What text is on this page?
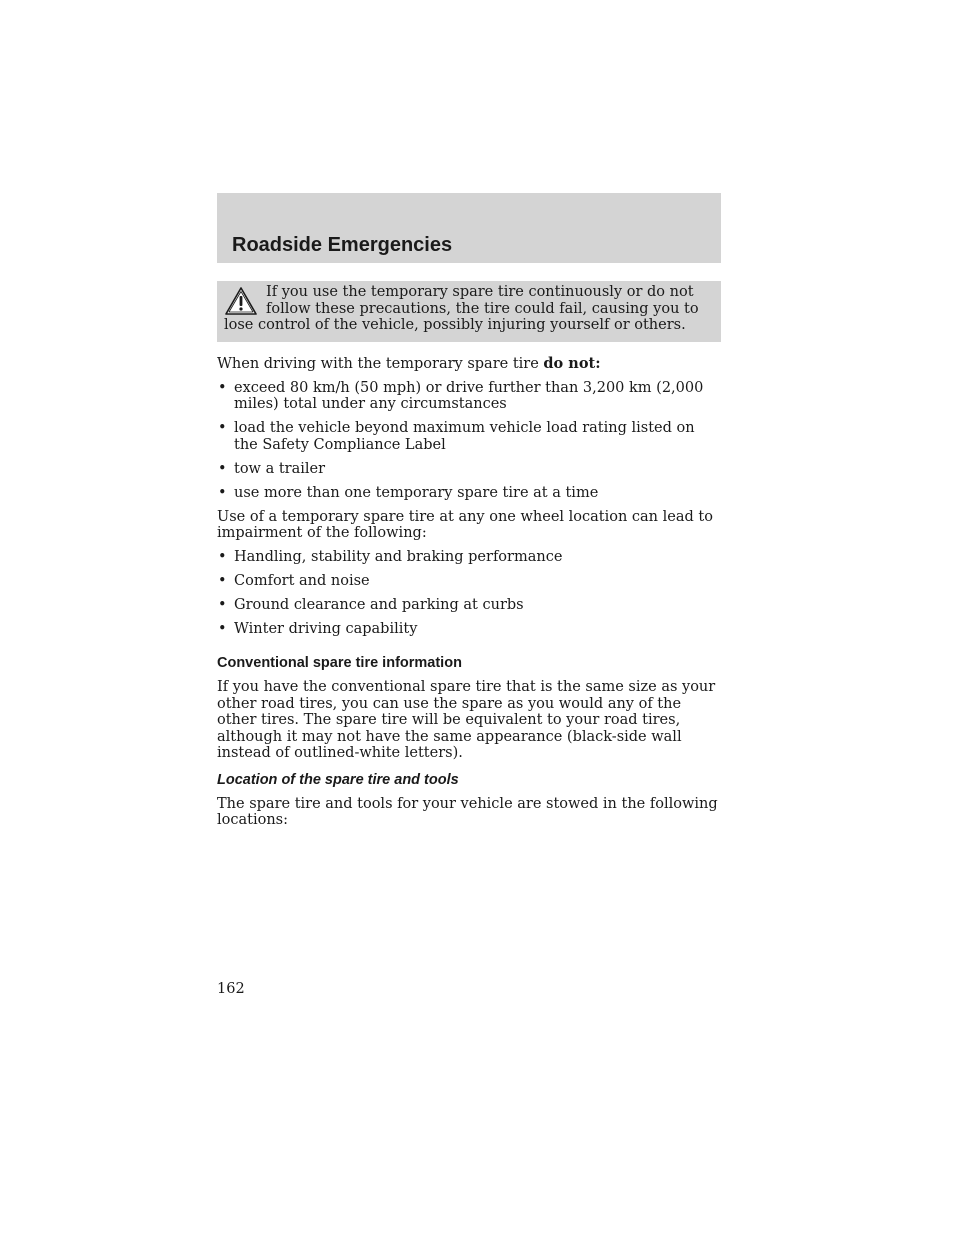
Roadside Emergencies

If you use the temporary spare tire continuously or do not follow these precautions, the tire could fail, causing you to lose control of the vehicle, possibly injuring yourself or others.

When driving with the temporary spare tire do not:

• exceed 80 km/h (50 mph) or drive further than 3,200 km (2,000 miles) total under any circumstances
• load the vehicle beyond maximum vehicle load rating listed on the Safety Compliance Label
• tow a trailer
• use more than one temporary spare tire at a time

Use of a temporary spare tire at any one wheel location can lead to impairment of the following:

• Handling, stability and braking performance
• Comfort and noise
• Ground clearance and parking at curbs
• Winter driving capability
Conventional spare tire information

If you have the conventional spare tire that is the same size as your other road tires, you can use the spare as you would any of the other tires. The spare tire will be equivalent to your road tires, although it may not have the same appearance (black-side wall instead of outlined-white letters).

Location of the spare tire and tools

The spare tire and tools for your vehicle are stowed in the following locations:

162
